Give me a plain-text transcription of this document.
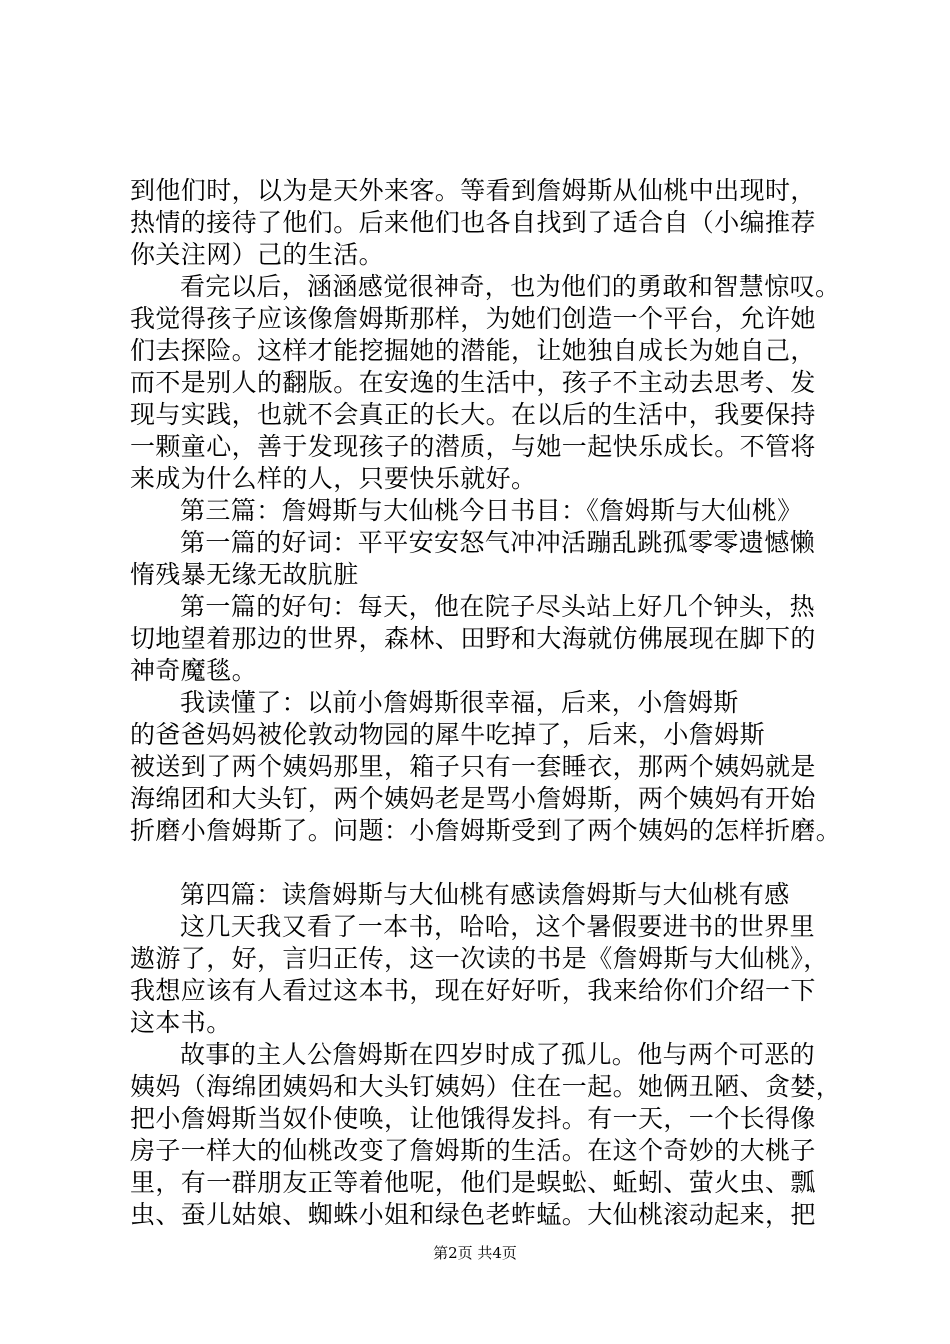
到他们时，以为是天外来客。等看到詹姆斯从仙桃中出现时，
热情的接待了他们。后来他们也各自找到了适合自（小编推荐
你关注网）己的生活。
看完以后，涵涵感觉很神奇，也为他们的勇敢和智慧惊叹。
我觉得孩子应该像詹姆斯那样，为她们创造一个平台，允许她
们去探险。这样才能挖掘她的潜能，让她独自成长为她自己，
而不是别人的翻版。在安逸的生活中，孩子不主动去思考、发
现与实践，也就不会真正的长大。在以后的生活中，我要保持
一颗童心，善于发现孩子的潜质，与她一起快乐成长。不管将
来成为什么样的人，只要快乐就好。
第三篇：詹姆斯与大仙桃今日书目：《詹姆斯与大仙桃》
第一篇的好词：平平安安怒气冲冲活蹦乱跳孤零零遗憾懒
惰残暴无缘无故肮脏
第一篇的好句：每天，他在院子尽头站上好几个钟头，热
切地望着那边的世界，森林、田野和大海就仿佛展现在脚下的
神奇魔毯。
我读懂了：以前小詹姆斯很幸福，后来，小詹姆斯
的爸爸妈妈被伦敦动物园的犀牛吃掉了，后来，小詹姆斯
被送到了两个姨妈那里，箱子只有一套睡衣，那两个姨妈就是
海绵团和大头钉，两个姨妈老是骂小詹姆斯，两个姨妈有开始
折磨小詹姆斯了。问题：小詹姆斯受到了两个姨妈的怎样折磨。
第四篇：读詹姆斯与大仙桃有感读詹姆斯与大仙桃有感
这几天我又看了一本书，哈哈，这个暑假要进书的世界里
遨游了，好，言归正传，这一次读的书是《詹姆斯与大仙桃》，
我想应该有人看过这本书，现在好好听，我来给你们介绍一下
这本书。
故事的主人公詹姆斯在四岁时成了孤儿。他与两个可恶的
姨妈（海绵团姨妈和大头钉姨妈）住在一起。她俩丑陋、贪婪，
把小詹姆斯当奴仆使唤，让他饿得发抖。有一天，一个长得像
房子一样大的仙桃改变了詹姆斯的生活。在这个奇妙的大桃子
里，有一群朋友正等着他呢，他们是蜈蚣、蚯蚓、萤火虫、瓢
虫、蚕儿姑娘、蜘蛛小姐和绿色老蚱蜢。大仙桃滚动起来，把
第2页 共4页
